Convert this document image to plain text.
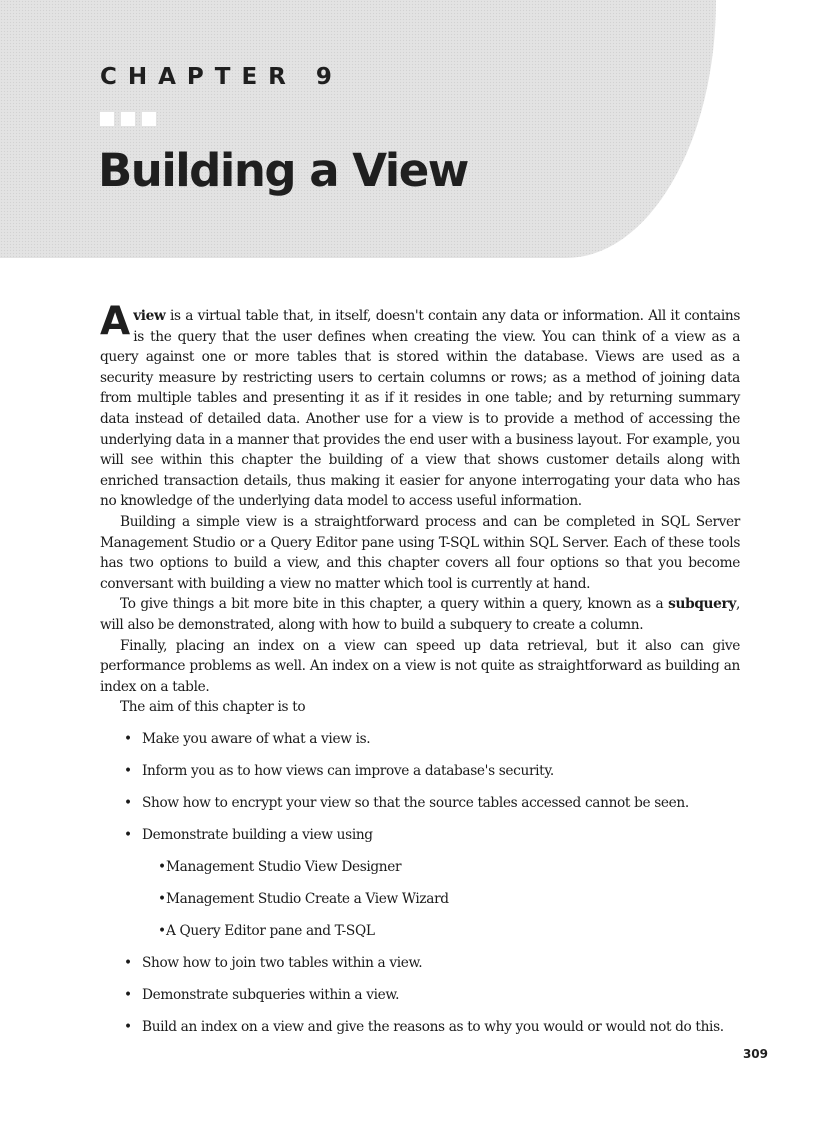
CHAPTER 9
Building a View

Aview is a virtual table that, in itself, doesn't contain any data or information. All it contains is the query that the user defines when creating the view. You can think of a view as a query against one or more tables that is stored within the database. Views are used as a security measure by restricting users to certain columns or rows; as a method of joining data from multiple tables and presenting it as if it resides in one table; and by returning summary data instead of detailed data. Another use for a view is to provide a method of accessing the underlying data in a manner that provides the end user with a business layout. For example, you will see within this chapter the building of a view that shows customer details along with enriched transaction details, thus making it easier for anyone interrogating your data who has no knowledge of the underlying data model to access useful information.

Building a simple view is a straightforward process and can be completed in SQL Server Management Studio or a Query Editor pane using T-SQL within SQL Server. Each of these tools has two options to build a view, and this chapter covers all four options so that you become conversant with building a view no matter which tool is currently at hand.

To give things a bit more bite in this chapter, a query within a query, known as a subquery, will also be demonstrated, along with how to build a subquery to create a column.

Finally, placing an index on a view can speed up data retrieval, but it also can give performance problems as well. An index on a view is not quite as straightforward as building an index on a table.

The aim of this chapter is to

• Make you aware of what a view is.
• Inform you as to how views can improve a database's security.
• Show how to encrypt your view so that the source tables accessed cannot be seen.
• Demonstrate building a view using
• Management Studio View Designer
• Management Studio Create a View Wizard
• A Query Editor pane and T-SQL
• Show how to join two tables within a view.
• Demonstrate subqueries within a view.
• Build an index on a view and give the reasons as to why you would or would not do this.
309
